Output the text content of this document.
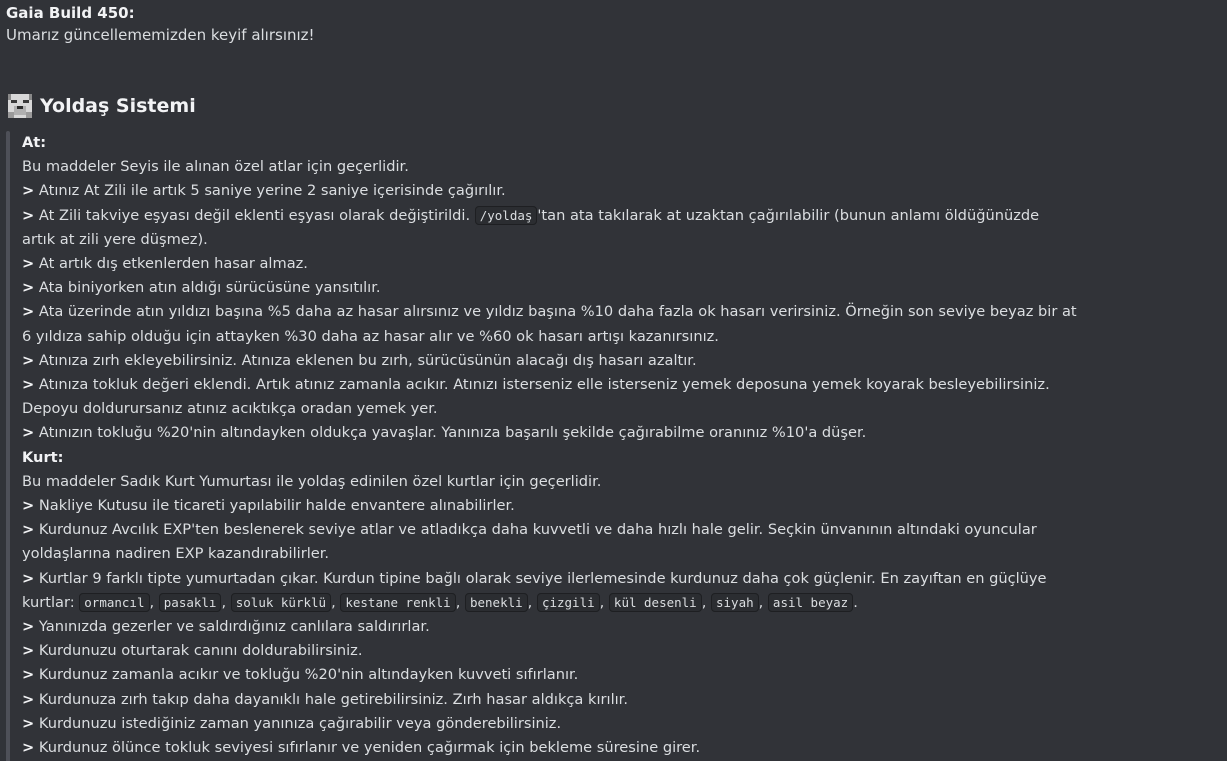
Gaia Build 450:
Umarız güncellememizden keyif alırsınız!
Yoldaş Sistemi
At:
Bu maddeler Seyis ile alınan özel atlar için geçerlidir.
> Atınız At Zili ile artık 5 saniye yerine 2 saniye içerisinde çağırılır.
> At Zili takviye eşyası değil eklenti eşyası olarak değiştirildi. /yoldaş 'tan ata takılarak at uzaktan çağırılabilir (bunun anlamı öldüğünüzde
artık at zili yere düşmez).
> At artık dış etkenlerden hasar almaz.
> Ata biniyorken atın aldığı sürücüsüne yansıtılır.
> Ata üzerinde atın yıldızı başına %5 daha az hasar alırsınız ve yıldız başına %10 daha fazla ok hasarı verirsiniz. Örneğin son seviye beyaz bir at
6 yıldıza sahip olduğu için attayken %30 daha az hasar alır ve %60 ok hasarı artışı kazanırsınız.
> Atınıza zırh ekleyebilirsiniz. Atınıza eklenen bu zırh, sürücüsünün alacağı dış hasarı azaltır.
> Atınıza tokluk değeri eklendi. Artık atınız zamanla acıkır. Atınızı isterseniz elle isterseniz yemek deposuna yemek koyarak besleyebilirsiniz.
Depoyu doldurursanız atınız acıktıkça oradan yemek yer.
> Atınızın tokluğu %20'nin altındayken oldukça yavaşlar. Yanınıza başarılı şekilde çağırabilme oranınız %10'a düşer.
Kurt:
Bu maddeler Sadık Kurt Yumurtası ile yoldaş edinilen özel kurtlar için geçerlidir.
> Nakliye Kutusu ile ticareti yapılabilir halde envantere alınabilirler.
> Kurdunuz Avcılık EXP'ten beslenerek seviye atlar ve atladıkça daha kuvvetli ve daha hızlı hale gelir. Seçkin ünvanının altındaki oyuncular
yoldaşlarına nadiren EXP kazandırabilirler.
> Kurtlar 9 farklı tipte yumurtadan çıkar. Kurdun tipine bağlı olarak seviye ilerlemesinde kurdunuz daha çok güçlenir. En zayıftan en güçlüye
kurtlar: ormancıl , pasaklı , soluk kürklü , kestane renkli , benekli , çizgili , kül desenli , siyah , asil beyaz .
> Yanınızda gezerler ve saldırdığınız canlılara saldırırlar.
> Kurdunuzu oturtarak canını doldurabilirsiniz.
> Kurdunuz zamanla acıkır ve tokluğu %20'nin altındayken kuvveti sıfırlanır.
> Kurdunuza zırh takıp daha dayanıklı hale getirebilirsiniz. Zırh hasar aldıkça kırılır.
> Kurdunuzu istediğiniz zaman yanınıza çağırabilir veya gönderebilirsiniz.
> Kurdunuz ölünce tokluk seviyesi sıfırlanır ve yeniden çağırmak için bekleme süresine girer.
